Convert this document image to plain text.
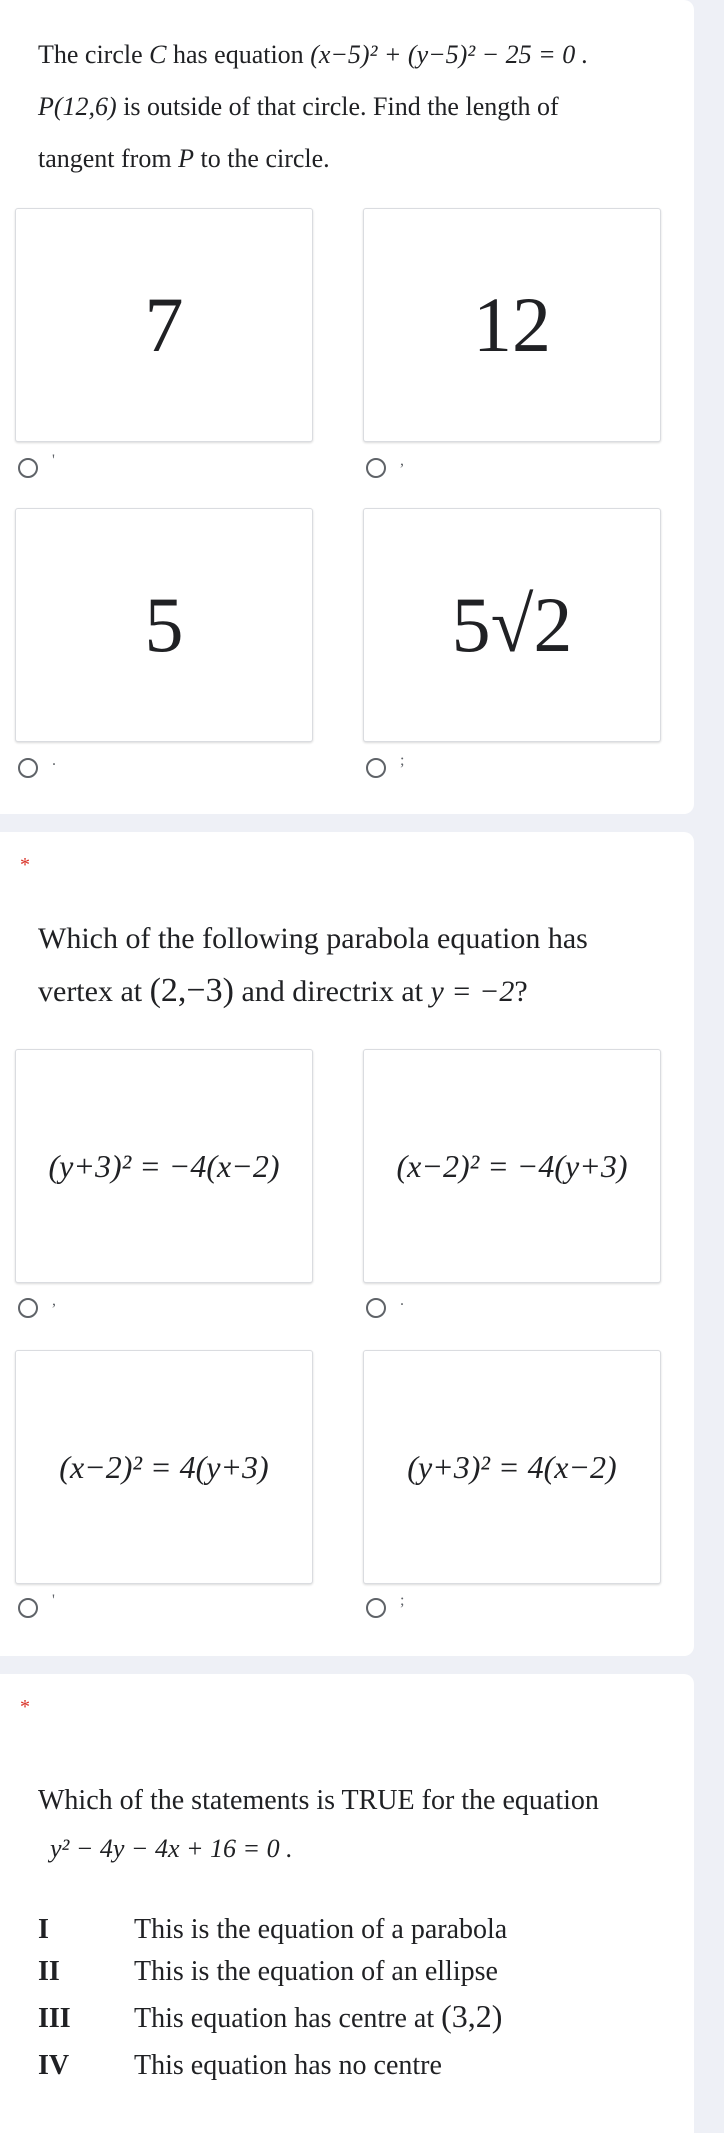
The circle C has equation (x−5)² + (y−5)² − 25 = 0 .
P(12,6) is outside of that circle. Find the length of
tangent from P to the circle.
7
'
12
,
5
.
5√2
;
*
Which of the following parabola equation has
vertex at (2,−3) and directrix at y = −2?
(y+3)² = −4(x−2)
,
(x−2)² = −4(y+3)
.
(x−2)² = 4(y+3)
'
(y+3)² = 4(x−2)
;
*
Which of the statements is TRUE for the equation
y² − 4y − 4x + 16 = 0 .
I	This is the equation of a parabola
II	This is the equation of an ellipse
III This equation has centre at (3,2)
IV This equation has no centre
